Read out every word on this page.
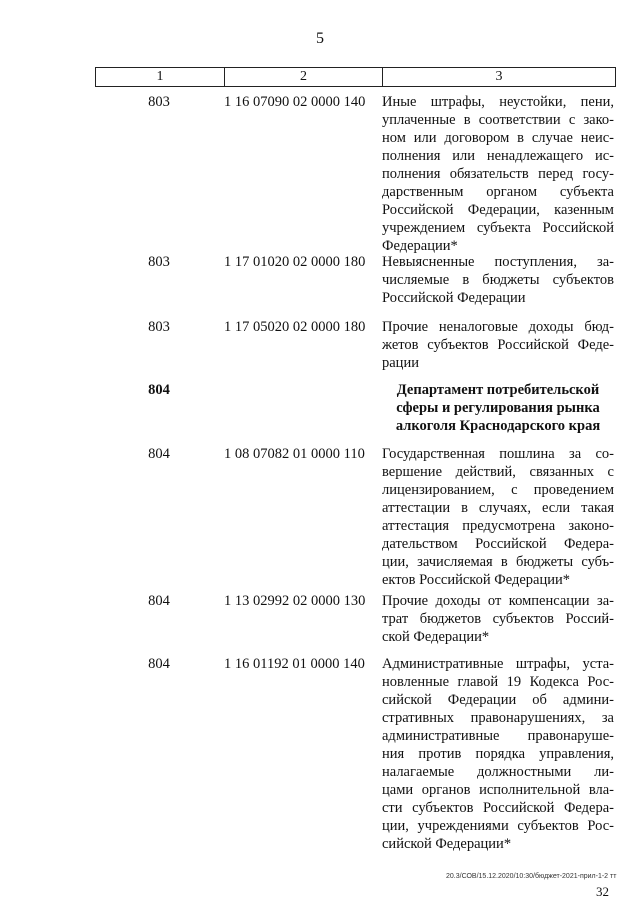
5
1	2	3
803	1 16 07090 02 0000 140	Иные штрафы, неустойки, пени,
уплаченные в соответствии с зако-
ном или договором в случае неис-
полнения или ненадлежащего ис-
полнения обязательств перед госу-
дарственным органом субъекта
Российской Федерации, казенным
учреждением субъекта Российской
Федерации*
803	1 17 01020 02 0000 180	Невыясненные поступления, за-
числяемые в бюджеты субъектов
Российской Федерации
803	1 17 05020 02 0000 180	Прочие неналоговые доходы бюд-
жетов субъектов Российской Феде-
рации
804	Департамент потребительской
сферы и регулирования рынка
алкоголя Краснодарского края
804	1 08 07082 01 0000 110	Государственная пошлина за со-
вершение действий, связанных с
лицензированием, с проведением
аттестации в случаях, если такая
аттестация предусмотрена законо-
дательством Российской Федера-
ции, зачисляемая в бюджеты субъ-
ектов Российской Федерации*
804	1 13 02992 02 0000 130	Прочие доходы от компенсации за-
трат бюджетов субъектов Россий-
ской Федерации*
804	1 16 01192 01 0000 140	Административные штрафы, уста-
новленные главой 19 Кодекса Рос-
сийской Федерации об админи-
стративных правонарушениях, за
административные правонаруше-
ния против порядка управления,
налагаемые должностными ли-
цами органов исполнительной вла-
сти субъектов Российской Федера-
ции, учреждениями субъектов Рос-
сийской Федерации*
20.3/СОВ/15.12.2020/10:30/бюджет-2021-прил-1-2 тт
32
